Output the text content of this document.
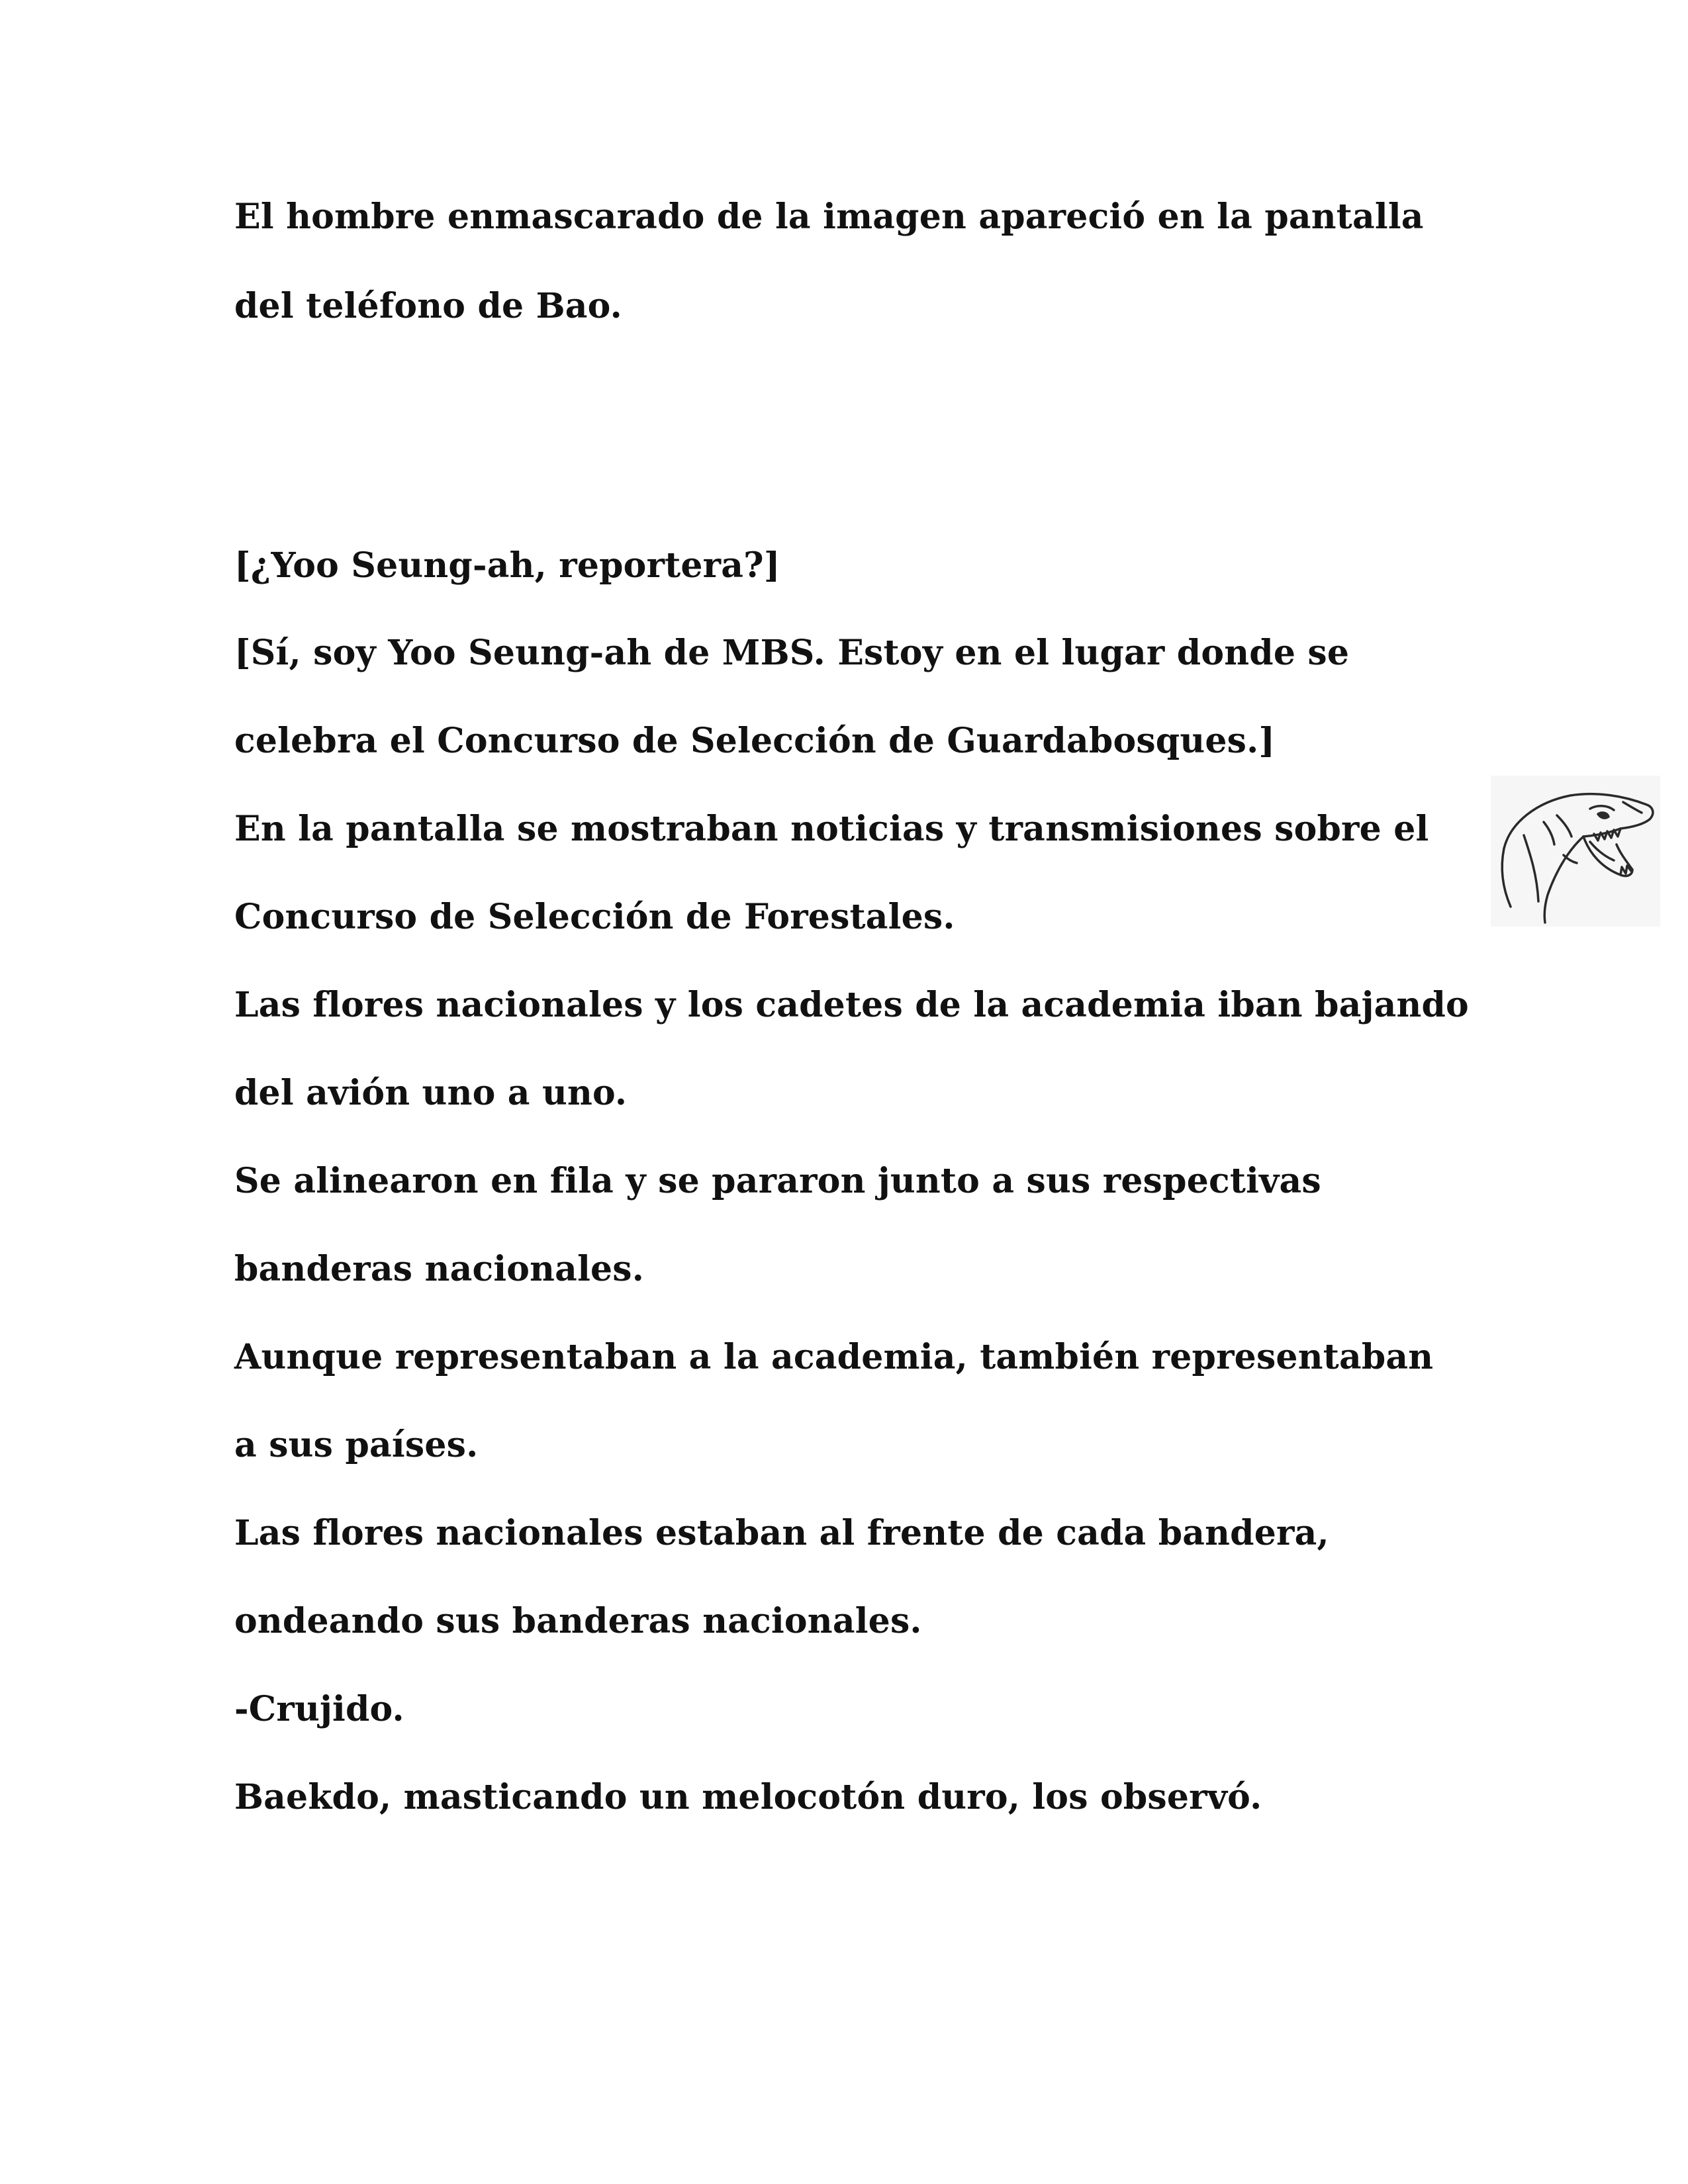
El hombre enmascarado de la imagen apareció en la pantalla
del teléfono de Bao.
[¿Yoo Seung-ah, reportera?]
[Sí, soy Yoo Seung-ah de MBS. Estoy en el lugar donde se
celebra el Concurso de Selección de Guardabosques.]
En la pantalla se mostraban noticias y transmisiones sobre el
Concurso de Selección de Forestales.
Las flores nacionales y los cadetes de la academia iban bajando
del avión uno a uno.
Se alinearon en fila y se pararon junto a sus respectivas
banderas nacionales.
Aunque representaban a la academia, también representaban
a sus países.
Las flores nacionales estaban al frente de cada bandera,
ondeando sus banderas nacionales.
-Crujido.
Baekdo, masticando un melocotón duro, los observó.
